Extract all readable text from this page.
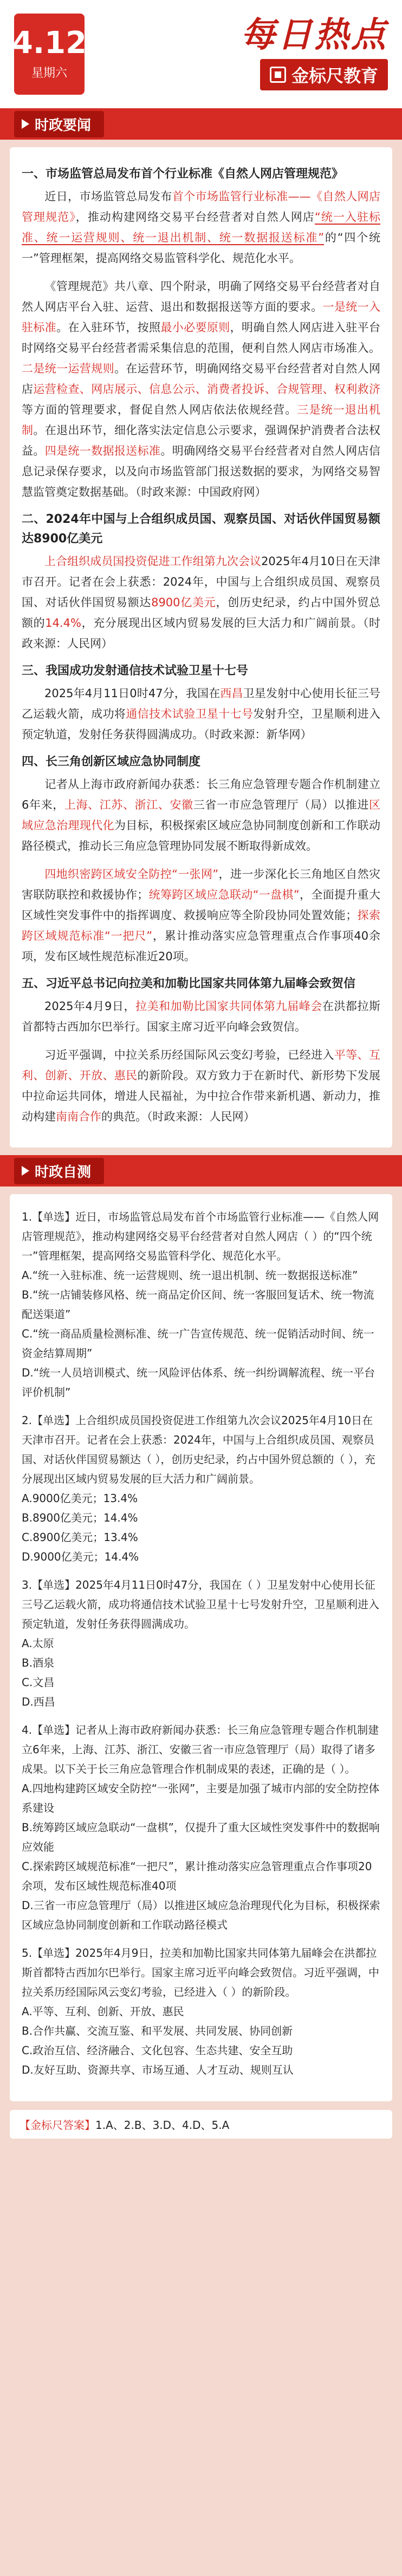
4.12
星期六
每日热点
金标尺教育
时政要闻
一、市场监管总局发布首个行业标准《自然人网店管理规范》

  近日，市场监管总局发布首个市场监管行业标准——《自然人网店管理规范》，推动构建网络交易平台经营者对自然人网店“统一入驻标准、统一运营规则、统一退出机制、统一数据报送标准”的“四个统一”管理框架，提高网络交易监管科学化、规范化水平。

  《管理规范》共八章、四个附录，明确了网络交易平台经营者对自然人网店平台入驻、运营、退出和数据报送等方面的要求。一是统一入驻标准。在入驻环节，按照最小必要原则，明确自然人网店进入驻平台时网络交易平台经营者需采集信息的范围，便利自然人网店市场准入。二是统一运营规则。在运营环节，明确网络交易平台经营者对自然人网店运营检查、网店展示、信息公示、消费者投诉、合规管理、权利救济等方面的管理要求，督促自然人网店依法依规经营。三是统一退出机制。在退出环节，细化落实法定信息公示要求，强调保护消费者合法权益。四是统一数据报送标准。明确网络交易平台经营者对自然人网店信息记录保存要求，以及向市场监管部门报送数据的要求，为网络交易智慧监管奠定数据基础。（时政来源：中国政府网）

二、2024年中国与上合组织成员国、观察员国、对话伙伴国贸易额达8900亿美元

  上合组织成员国投资促进工作组第九次会议2025年4月10日在天津市召开。记者在会上获悉：2024年，中国与上合组织成员国、观察员国、对话伙伴国贸易额达8900亿美元，创历史纪录，约占中国外贸总额的14.4%，充分展现出区域内贸易发展的巨大活力和广阔前景。（时政来源：人民网）

三、我国成功发射通信技术试验卫星十七号

  2025年4月11日0时47分，我国在西昌卫星发射中心使用长征三号乙运载火箭，成功将通信技术试验卫星十七号发射升空，卫星顺利进入预定轨道，发射任务获得圆满成功。（时政来源：新华网）

四、长三角创新区域应急协同制度

  记者从上海市政府新闻办获悉：长三角应急管理专题合作机制建立6年来，上海、江苏、浙江、安徽三省一市应急管理厅（局）以推进区域应急治理现代化为目标，积极探索区域应急协同制度创新和工作联动路径模式，推动长三角应急管理协同发展不断取得新成效。

  四地织密跨区域安全防控“一张网”，进一步深化长三角地区自然灾害联防联控和救援协作；统筹跨区域应急联动“一盘棋”，全面提升重大区域性突发事件中的指挥调度、救援响应等全阶段协同处置效能；探索跨区域规范标准“一把尺”，累计推动落实应急管理重点合作事项40余项，发布区域性规范标准近20项。

五、习近平总书记向拉美和加勒比国家共同体第九届峰会致贺信

  2025年4月9日，拉美和加勒比国家共同体第九届峰会在洪都拉斯首都特古西加尔巴举行。国家主席习近平向峰会致贺信。

  习近平强调，中拉关系历经国际风云变幻考验，已经进入平等、互利、创新、开放、惠民的新阶段。双方致力于在新时代、新形势下发展中拉命运共同体，增进人民福祉，为中拉合作带来新机遇、新动力，推动构建南南合作的典范。（时政来源：人民网）

时政自测
1.【单选】近日，市场监管总局发布首个市场监管行业标准——《自然人网店管理规范》，推动构建网络交易平台经营者对自然人网店（ ）的“四个统一”管理框架，提高网络交易监管科学化、规范化水平。
A.“统一入驻标准、统一运营规则、统一退出机制、统一数据报送标准”
B.“统一店铺装修风格、统一商品定价区间、统一客服回复话术、统一物流配送渠道”
C.“统一商品质量检测标准、统一广告宣传规范、统一促销活动时间、统一资金结算周期”
D.“统一人员培训模式、统一风险评估体系、统一纠纷调解流程、统一平台评价机制”
2.【单选】上合组织成员国投资促进工作组第九次会议2025年4月10日在天津市召开。记者在会上获悉：2024年，中国与上合组织成员国、观察员国、对话伙伴国贸易额达（ ），创历史纪录，约占中国外贸总额的（ ），充分展现出区域内贸易发展的巨大活力和广阔前景。
A.9000亿美元；13.4%
B.8900亿美元；14.4%
C.8900亿美元；13.4%
D.9000亿美元；14.4%
3.【单选】2025年4月11日0时47分，我国在（ ）卫星发射中心使用长征三号乙运载火箭，成功将通信技术试验卫星十七号发射升空，卫星顺利进入预定轨道，发射任务获得圆满成功。
A.太原
B.酒泉
C.文昌
D.西昌
4.【单选】记者从上海市政府新闻办获悉：长三角应急管理专题合作机制建立6年来，上海、江苏、浙江、安徽三省一市应急管理厅（局）取得了诸多成果。以下关于长三角应急管理合作机制成果的表述，正确的是（ ）。
A.四地构建跨区域安全防控“一张网”，主要是加强了城市内部的安全防控体系建设
B.统筹跨区域应急联动“一盘棋”，仅提升了重大区域性突发事件中的数据响应效能
C.探索跨区域规范标准“一把尺”，累计推动落实应急管理重点合作事项20余项，发布区域性规范标准40项
D.三省一市应急管理厅（局）以推进区域应急治理现代化为目标，积极探索区域应急协同制度创新和工作联动路径模式
5.【单选】2025年4月9日，拉美和加勒比国家共同体第九届峰会在洪都拉斯首都特古西加尔巴举行。国家主席习近平向峰会致贺信。习近平强调，中拉关系历经国际风云变幻考验，已经进入（ ）的新阶段。
A.平等、互利、创新、开放、惠民
B.合作共赢、交流互鉴、和平发展、共同发展、协同创新
C.政治互信、经济融合、文化包容、生态共建、安全互助
D.友好互助、资源共享、市场互通、人才互动、规则互认
【金标尺答案】1.A、2.B、3.D、4.D、5.A
